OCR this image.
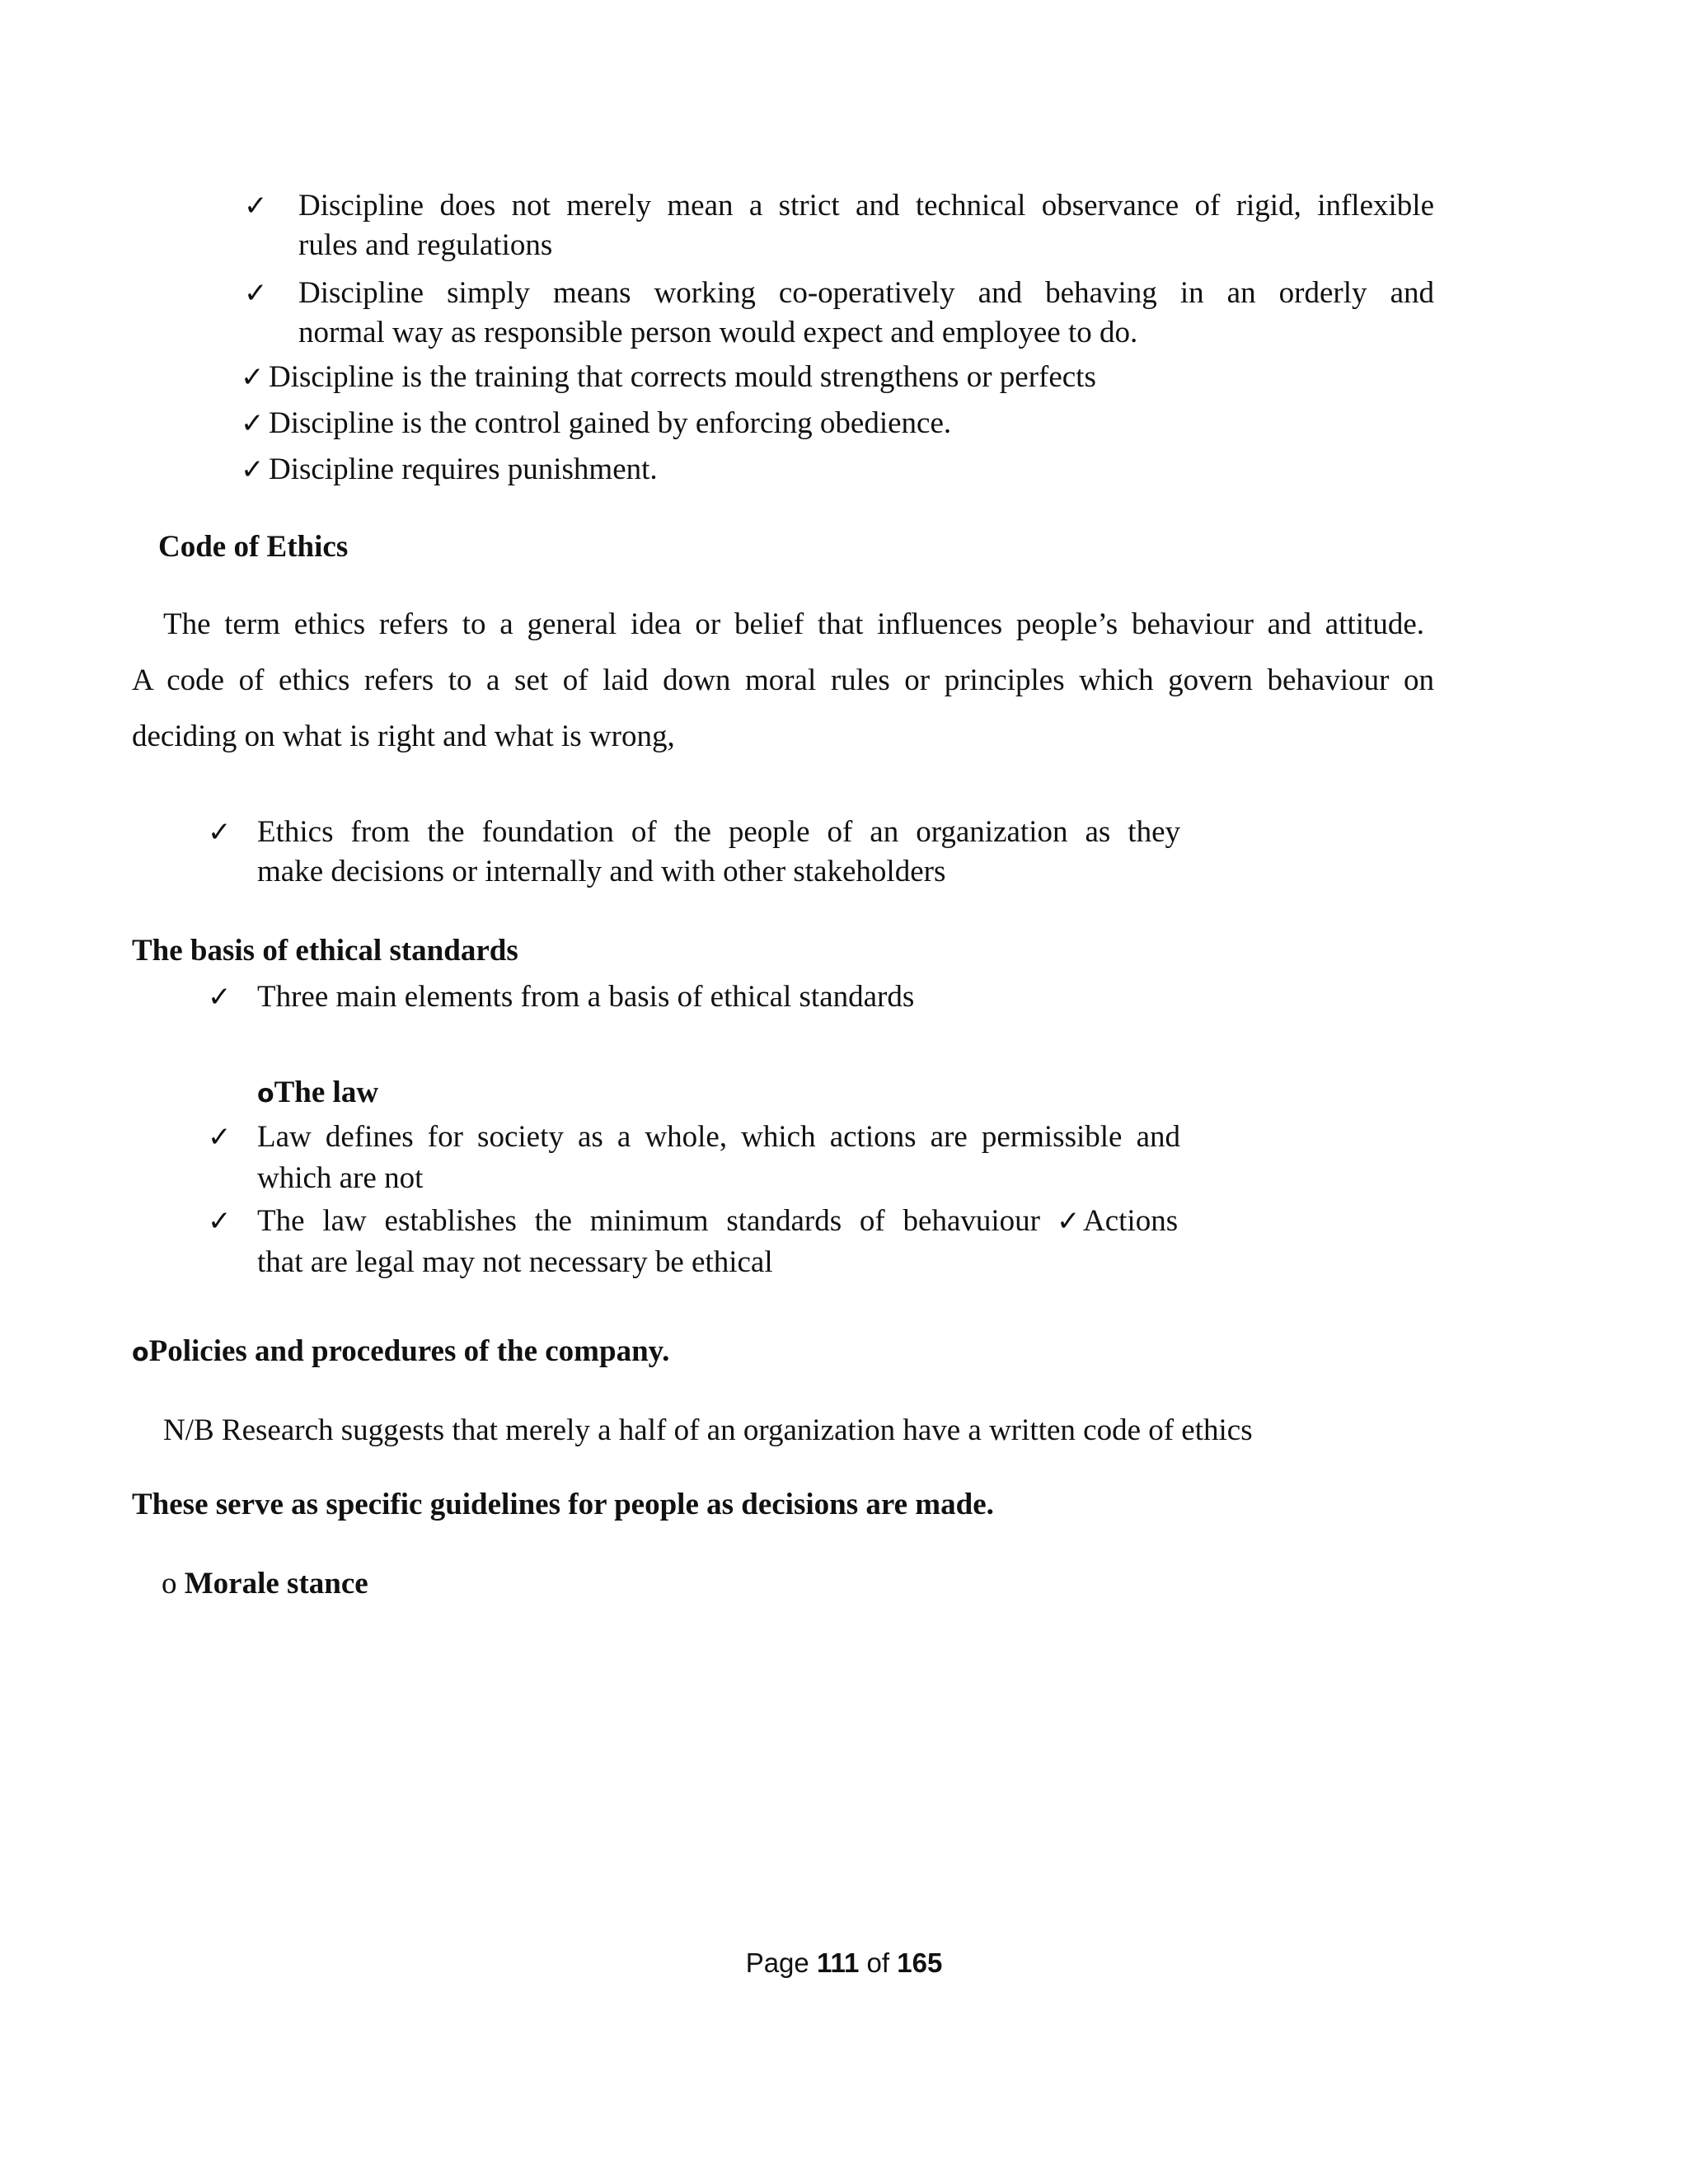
✓ Discipline does not merely mean a strict and technical observance of rigid, inflexible
rules and regulations
✓ Discipline simply means working co-operatively and behaving in an orderly and
normal way as responsible person would expect and employee to do.
✓ Discipline is the training that corrects mould strengthens or perfects
✓ Discipline is the control gained by enforcing obedience.
✓ Discipline requires punishment.
Code of Ethics
The term ethics refers to a general idea or belief that influences people’s behaviour and attitude.
A code of ethics refers to a set of laid down moral rules or principles which govern behaviour on
deciding on what is right and what is wrong,
✓ Ethics from the foundation of the people of an organization as they
make decisions or internally and with other stakeholders
The basis of ethical standards
✓ Three main elements from a basis of ethical standards
oThe law
✓ Law defines for society as a whole, which actions are permissible and
which are not
✓ The law establishes the minimum standards of behavuiour ✓ Actions
that are legal may not necessary be ethical
oPolicies and procedures of the company.
N/B Research suggests that merely a half of an organization have a written code of ethics
These serve as specific guidelines for people as decisions are made.
o Morale stance
Page 111 of 165
